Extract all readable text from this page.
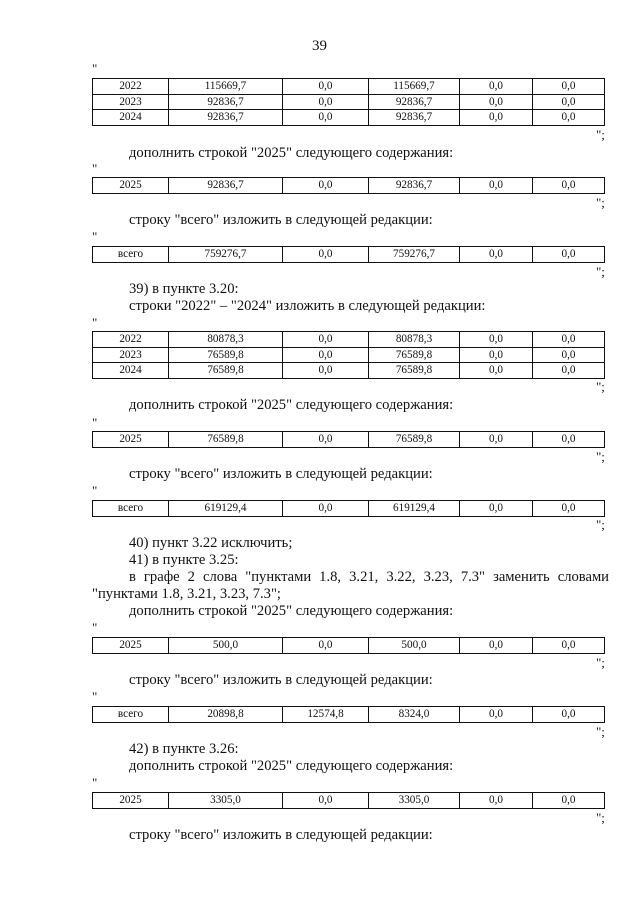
39
"
2022	115669,7	0,0	115669,7	0,0	0,0
2023	92836,7	0,0	92836,7	0,0	0,0
2024	92836,7	0,0	92836,7	0,0	0,0
";
дополнить строкой "2025" следующего содержания:
"
2025	92836,7	0,0	92836,7	0,0	0,0
";
строку "всего" изложить в следующей редакции:
"
всего	759276,7	0,0	759276,7	0,0	0,0
";
39) в пункте 3.20:
строки "2022" – "2024" изложить в следующей редакции:
"
2022	80878,3	0,0	80878,3	0,0	0,0
2023	76589,8	0,0	76589,8	0,0	0,0
2024	76589,8	0,0	76589,8	0,0	0,0
";
дополнить строкой "2025" следующего содержания:
"
2025	76589,8	0,0	76589,8	0,0	0,0
";
строку "всего" изложить в следующей редакции:
"
всего	619129,4	0,0	619129,4	0,0	0,0
";
40) пункт 3.22 исключить;
41) в пункте 3.25:
в графе 2 слова "пунктами 1.8, 3.21, 3.22, 3.23, 7.3" заменить словами
"пунктами 1.8, 3.21, 3.23, 7.3";
дополнить строкой "2025" следующего содержания:
"
2025	500,0	0,0	500,0	0,0	0,0
";
строку "всего" изложить в следующей редакции:
"
всего	20898,8	12574,8	8324,0	0,0	0,0
";
42) в пункте 3.26:
дополнить строкой "2025" следующего содержания:
"
2025	3305,0	0,0	3305,0	0,0	0,0
";
строку "всего" изложить в следующей редакции:
